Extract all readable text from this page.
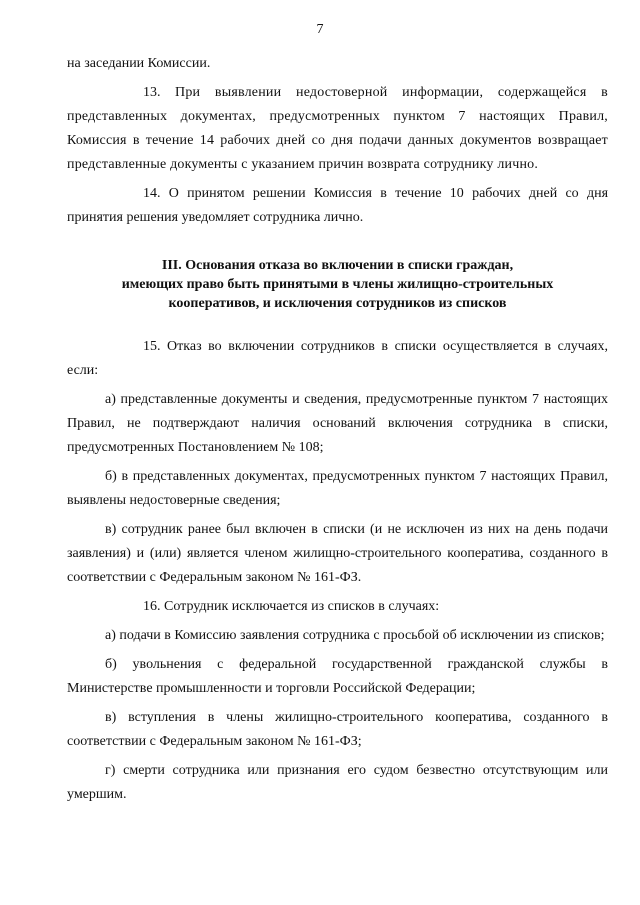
7

на заседании Комиссии.

13. При выявлении недостоверной информации, содержащейся в представленных документах, предусмотренных пунктом 7 настоящих Правил, Комиссия в течение 14 рабочих дней со дня подачи данных документов возвращает представленные документы с указанием причин возврата сотруднику лично.

14. О принятом решении Комиссия в течение 10 рабочих дней со дня принятия решения уведомляет сотрудника лично.

III. Основания отказа во включении в списки граждан,
имеющих право быть принятыми в члены жилищно-строительных
кооперативов, и исключения сотрудников из списков

15. Отказ во включении сотрудников в списки осуществляется в случаях, если:

а) представленные документы и сведения, предусмотренные пунктом 7 настоящих Правил, не подтверждают наличия оснований включения сотрудника в списки, предусмотренных Постановлением № 108;

б) в представленных документах, предусмотренных пунктом 7 настоящих Правил, выявлены недостоверные сведения;

в) сотрудник ранее был включен в списки (и не исключен из них на день подачи заявления) и (или) является членом жилищно-строительного кооператива, созданного в соответствии с Федеральным законом № 161-ФЗ.

16. Сотрудник исключается из списков в случаях:

а) подачи в Комиссию заявления сотрудника с просьбой об исключении из списков;

б) увольнения с федеральной государственной гражданской службы в Министерстве промышленности и торговли Российской Федерации;

в) вступления в члены жилищно-строительного кооператива, созданного в соответствии с Федеральным законом № 161-ФЗ;

г) смерти сотрудника или признания его судом безвестно отсутствующим или умершим.
